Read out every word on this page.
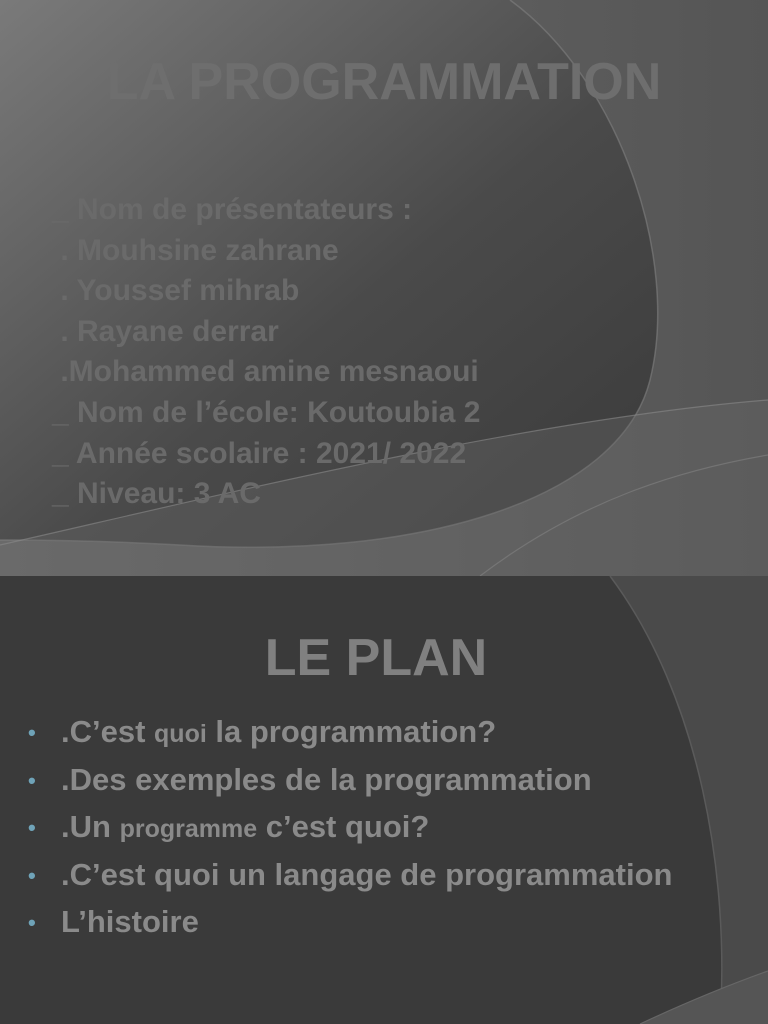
LA PROGRAMMATION
_ Nom de présentateurs :
. Mouhsine zahrane
. Youssef mihrab
. Rayane derrar
.Mohammed amine mesnaoui
_ Nom de l’école: Koutoubia 2
_ Année scolaire : 2021/ 2022
_ Niveau: 3 AC
LE PLAN
• .C’est quoi la programmation?
• .Des exemples de la programmation
• .Un programme c’est quoi?
• .C’est quoi un langage de programmation
• L’histoire
